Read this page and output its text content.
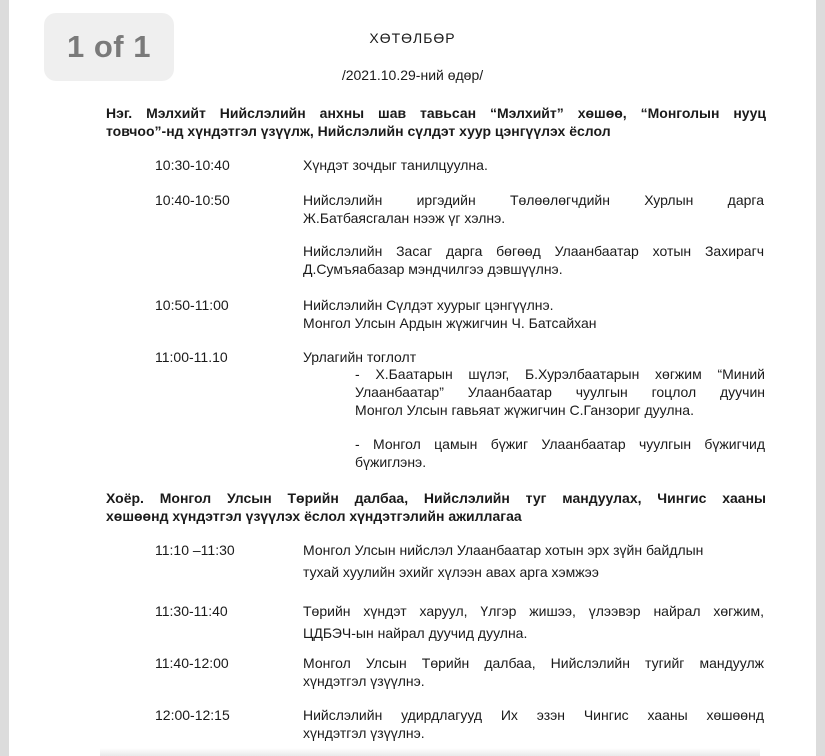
1 of 1	ХӨТӨЛБӨР
/2021.10.29-ний өдөр/
Нэг. Мэлхийт Нийслэлийн анхны шав тавьсан “Мэлхийт” хөшөө, “Монголын нууц
товчоо”-нд хүндэтгэл үзүүлж, Нийслэлийн сүлдэт хуур цэнгүүлэх ёслол
10:30-10:40	Хүндэт зочдыг танилцуулна.
10:40-10:50	Нийслэлийн иргэдийн Төлөөлөгчдийн Хурлын дарга
Ж.Батбаясгалан нээж үг хэлнэ.
Нийслэлийн Засаг дарга бөгөөд Улаанбаатар хотын Захирагч
Д.Сумъяабазар мэндчилгээ дэвшүүлнэ.
10:50-11:00	Нийслэлийн Сүлдэт хуурыг цэнгүүлнэ.
Монгол Улсын Ардын жүжигчин Ч. Батсайхан
11:00-11.10	Урлагийн тоглолт
- Х.Баатарын шүлэг, Б.Хурэлбаатарын хөгжим “Миний
Улаанбаатар” Улаанбаатар чуулгын гоцлол дуучин
Монгол Улсын гавьяат жүжигчин С.Ганзориг дуулна.
- Монгол цамын бүжиг Улаанбаатар чуулгын бүжигчид
бүжиглэнэ.
Хоёр. Монгол Улсын Төрийн далбаа, Нийслэлийн туг мандуулах, Чингис хааны
хөшөөнд хүндэтгэл үзүүлэх ёслол хүндэтгэлийн ажиллагаа
11:10 –11:30	Монгол Улсын нийслэл Улаанбаатар хотын эрх зүйн байдлын
тухай хуулийн эхийг хүлээн авах арга хэмжээ
11:30-11:40	Төрийн хүндэт харуул, Үлгэр жишээ, үлээвэр найрал хөгжим,
ЦДБЭЧ-ын найрал дуучид дуулна.
11:40-12:00	Монгол Улсын Төрийн далбаа, Нийслэлийн тугийг мандуулж
хүндэтгэл үзүүлнэ.
12:00-12:15	Нийслэлийн удирдлагууд Их эзэн Чингис хааны хөшөөнд
хүндэтгэл үзүүлнэ.
